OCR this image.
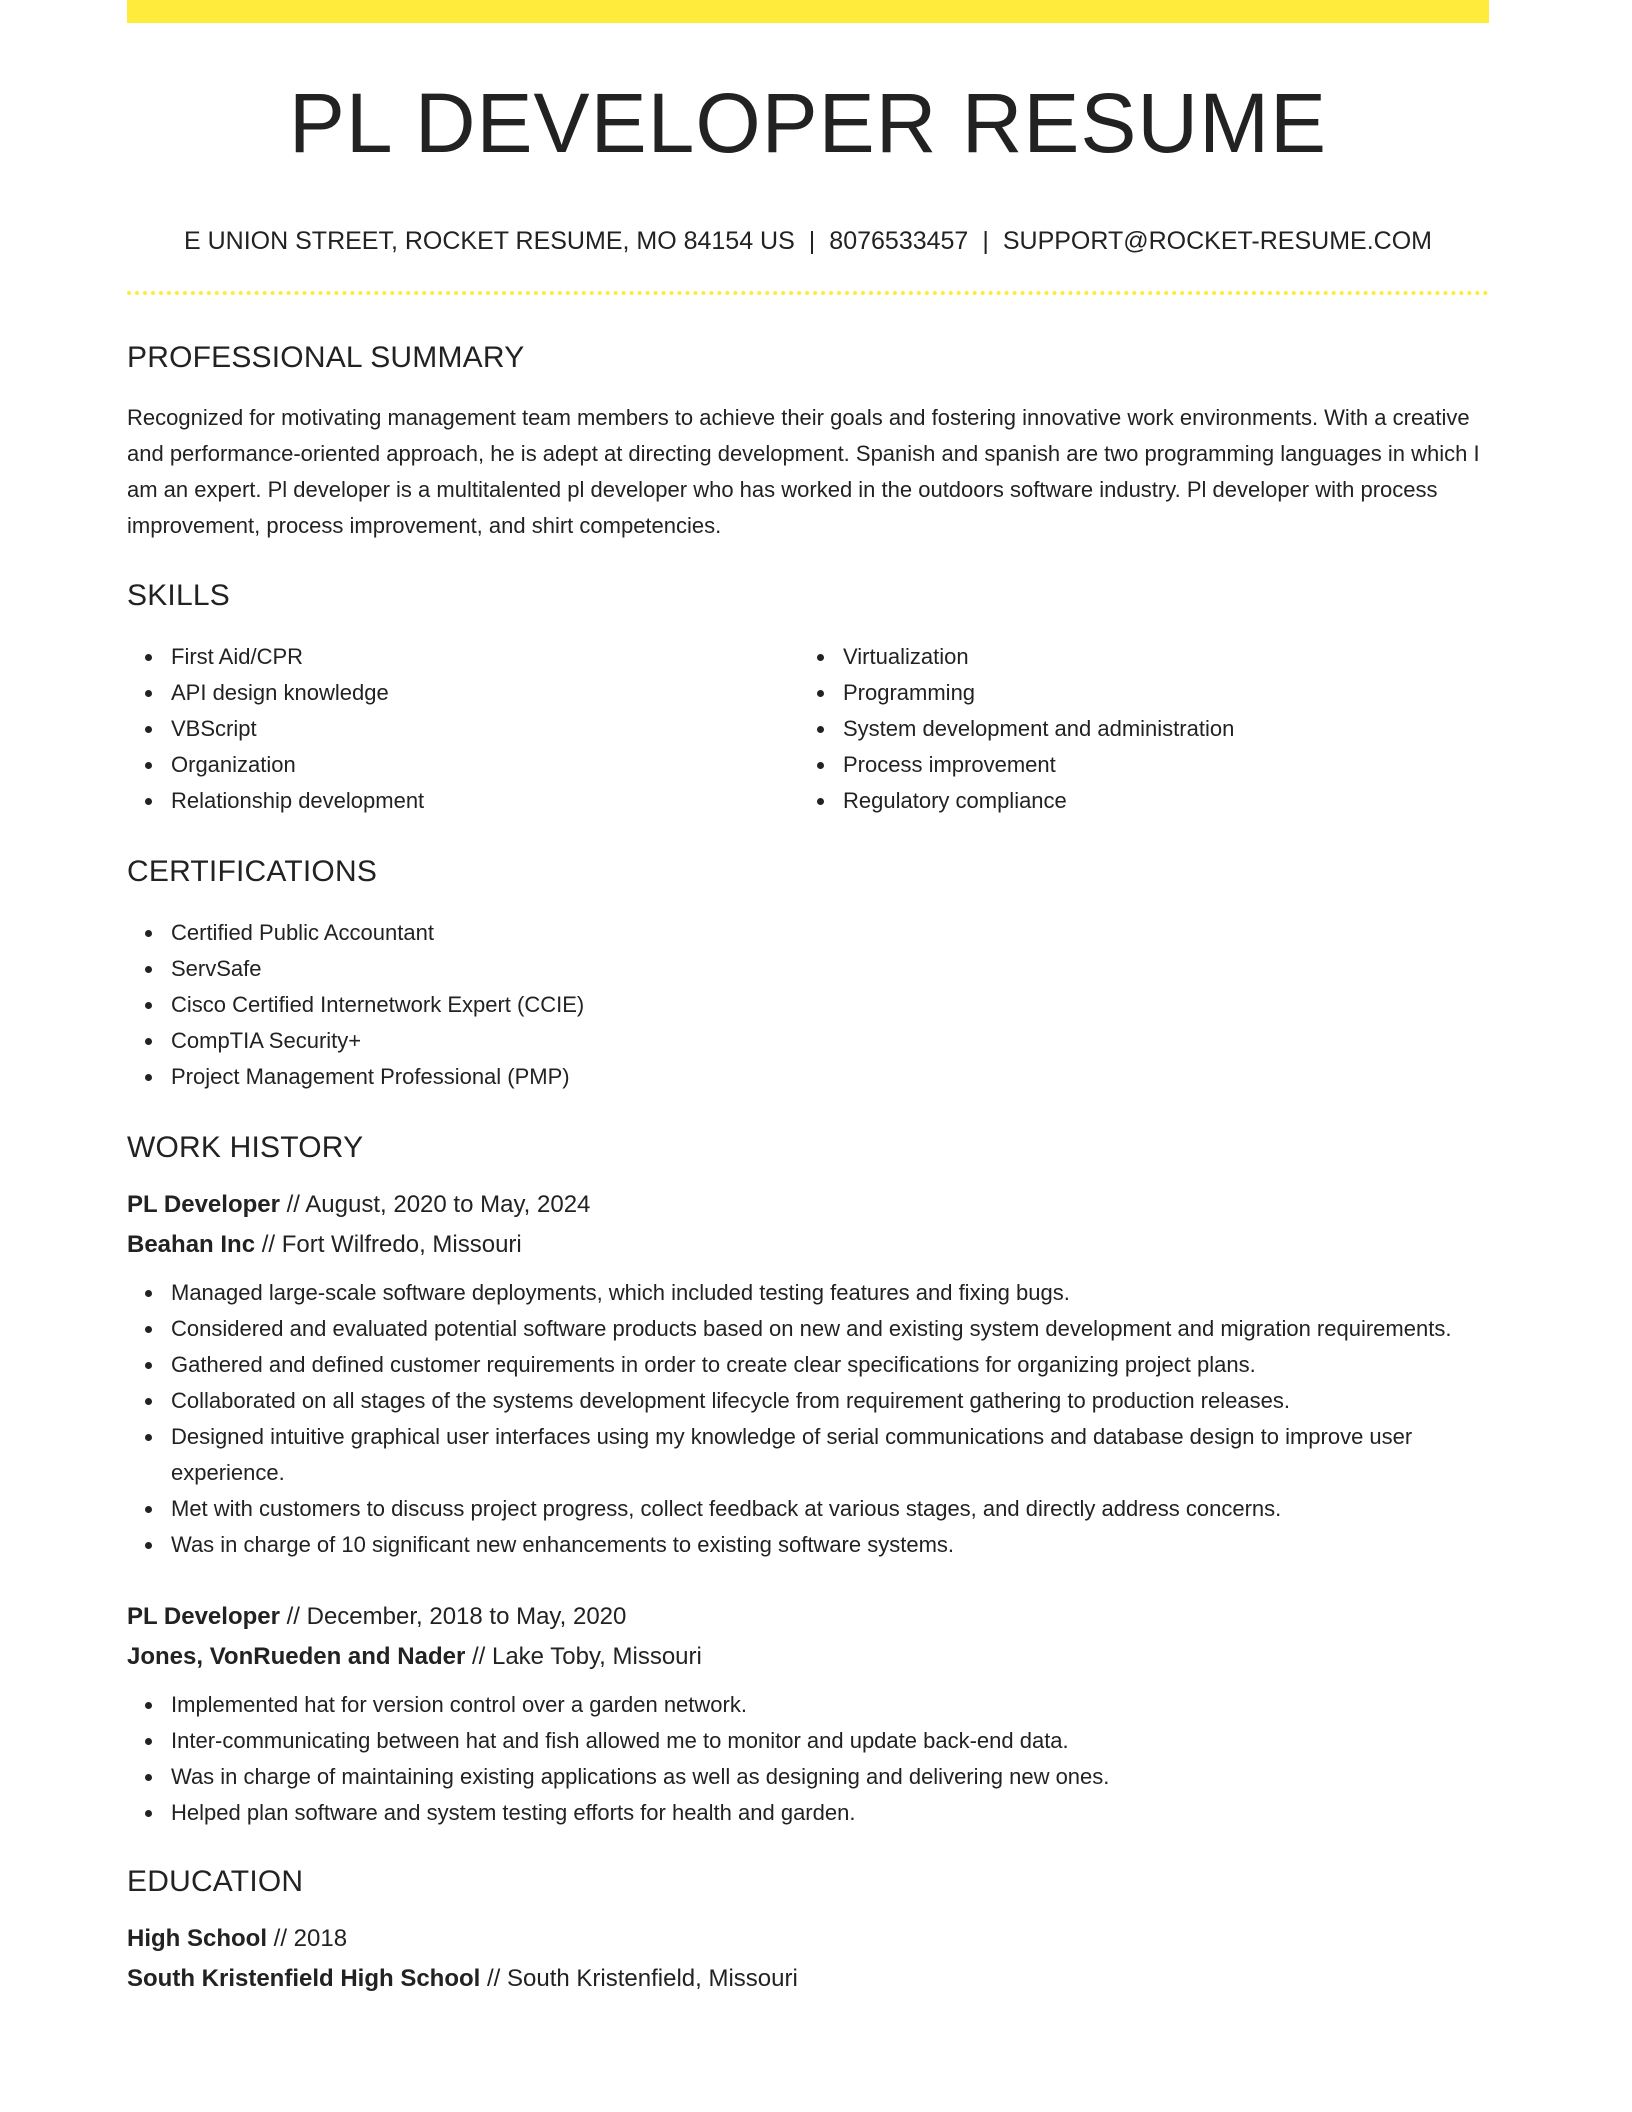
PL DEVELOPER RESUME
E UNION STREET, ROCKET RESUME, MO 84154 US | 8076533457 | SUPPORT@ROCKET-RESUME.COM
PROFESSIONAL SUMMARY

Recognized for motivating management team members to achieve their goals and fostering innovative work environments. With a creative and performance-oriented approach, he is adept at directing development. Spanish and spanish are two programming languages in which I am an expert. Pl developer is a multitalented pl developer who has worked in the outdoors software industry. Pl developer with process improvement, process improvement, and shirt competencies.

SKILLS
First Aid/CPR
API design knowledge
VBScript
Organization
Relationship development
Virtualization
Programming
System development and administration
Process improvement
Regulatory compliance
CERTIFICATIONS
Certified Public Accountant
ServSafe
Cisco Certified Internetwork Expert (CCIE)
CompTIA Security+
Project Management Professional (PMP)
WORK HISTORY
PL Developer // August, 2020 to May, 2024
Beahan Inc // Fort Wilfredo, Missouri
Managed large-scale software deployments, which included testing features and fixing bugs.
Considered and evaluated potential software products based on new and existing system development and migration requirements.
Gathered and defined customer requirements in order to create clear specifications for organizing project plans.
Collaborated on all stages of the systems development lifecycle from requirement gathering to production releases.
Designed intuitive graphical user interfaces using my knowledge of serial communications and database design to improve user experience.
Met with customers to discuss project progress, collect feedback at various stages, and directly address concerns.
Was in charge of 10 significant new enhancements to existing software systems.
PL Developer // December, 2018 to May, 2020
Jones, VonRueden and Nader // Lake Toby, Missouri
Implemented hat for version control over a garden network.
Inter-communicating between hat and fish allowed me to monitor and update back-end data.
Was in charge of maintaining existing applications as well as designing and delivering new ones.
Helped plan software and system testing efforts for health and garden.
EDUCATION
High School // 2018
South Kristenfield High School // South Kristenfield, Missouri
